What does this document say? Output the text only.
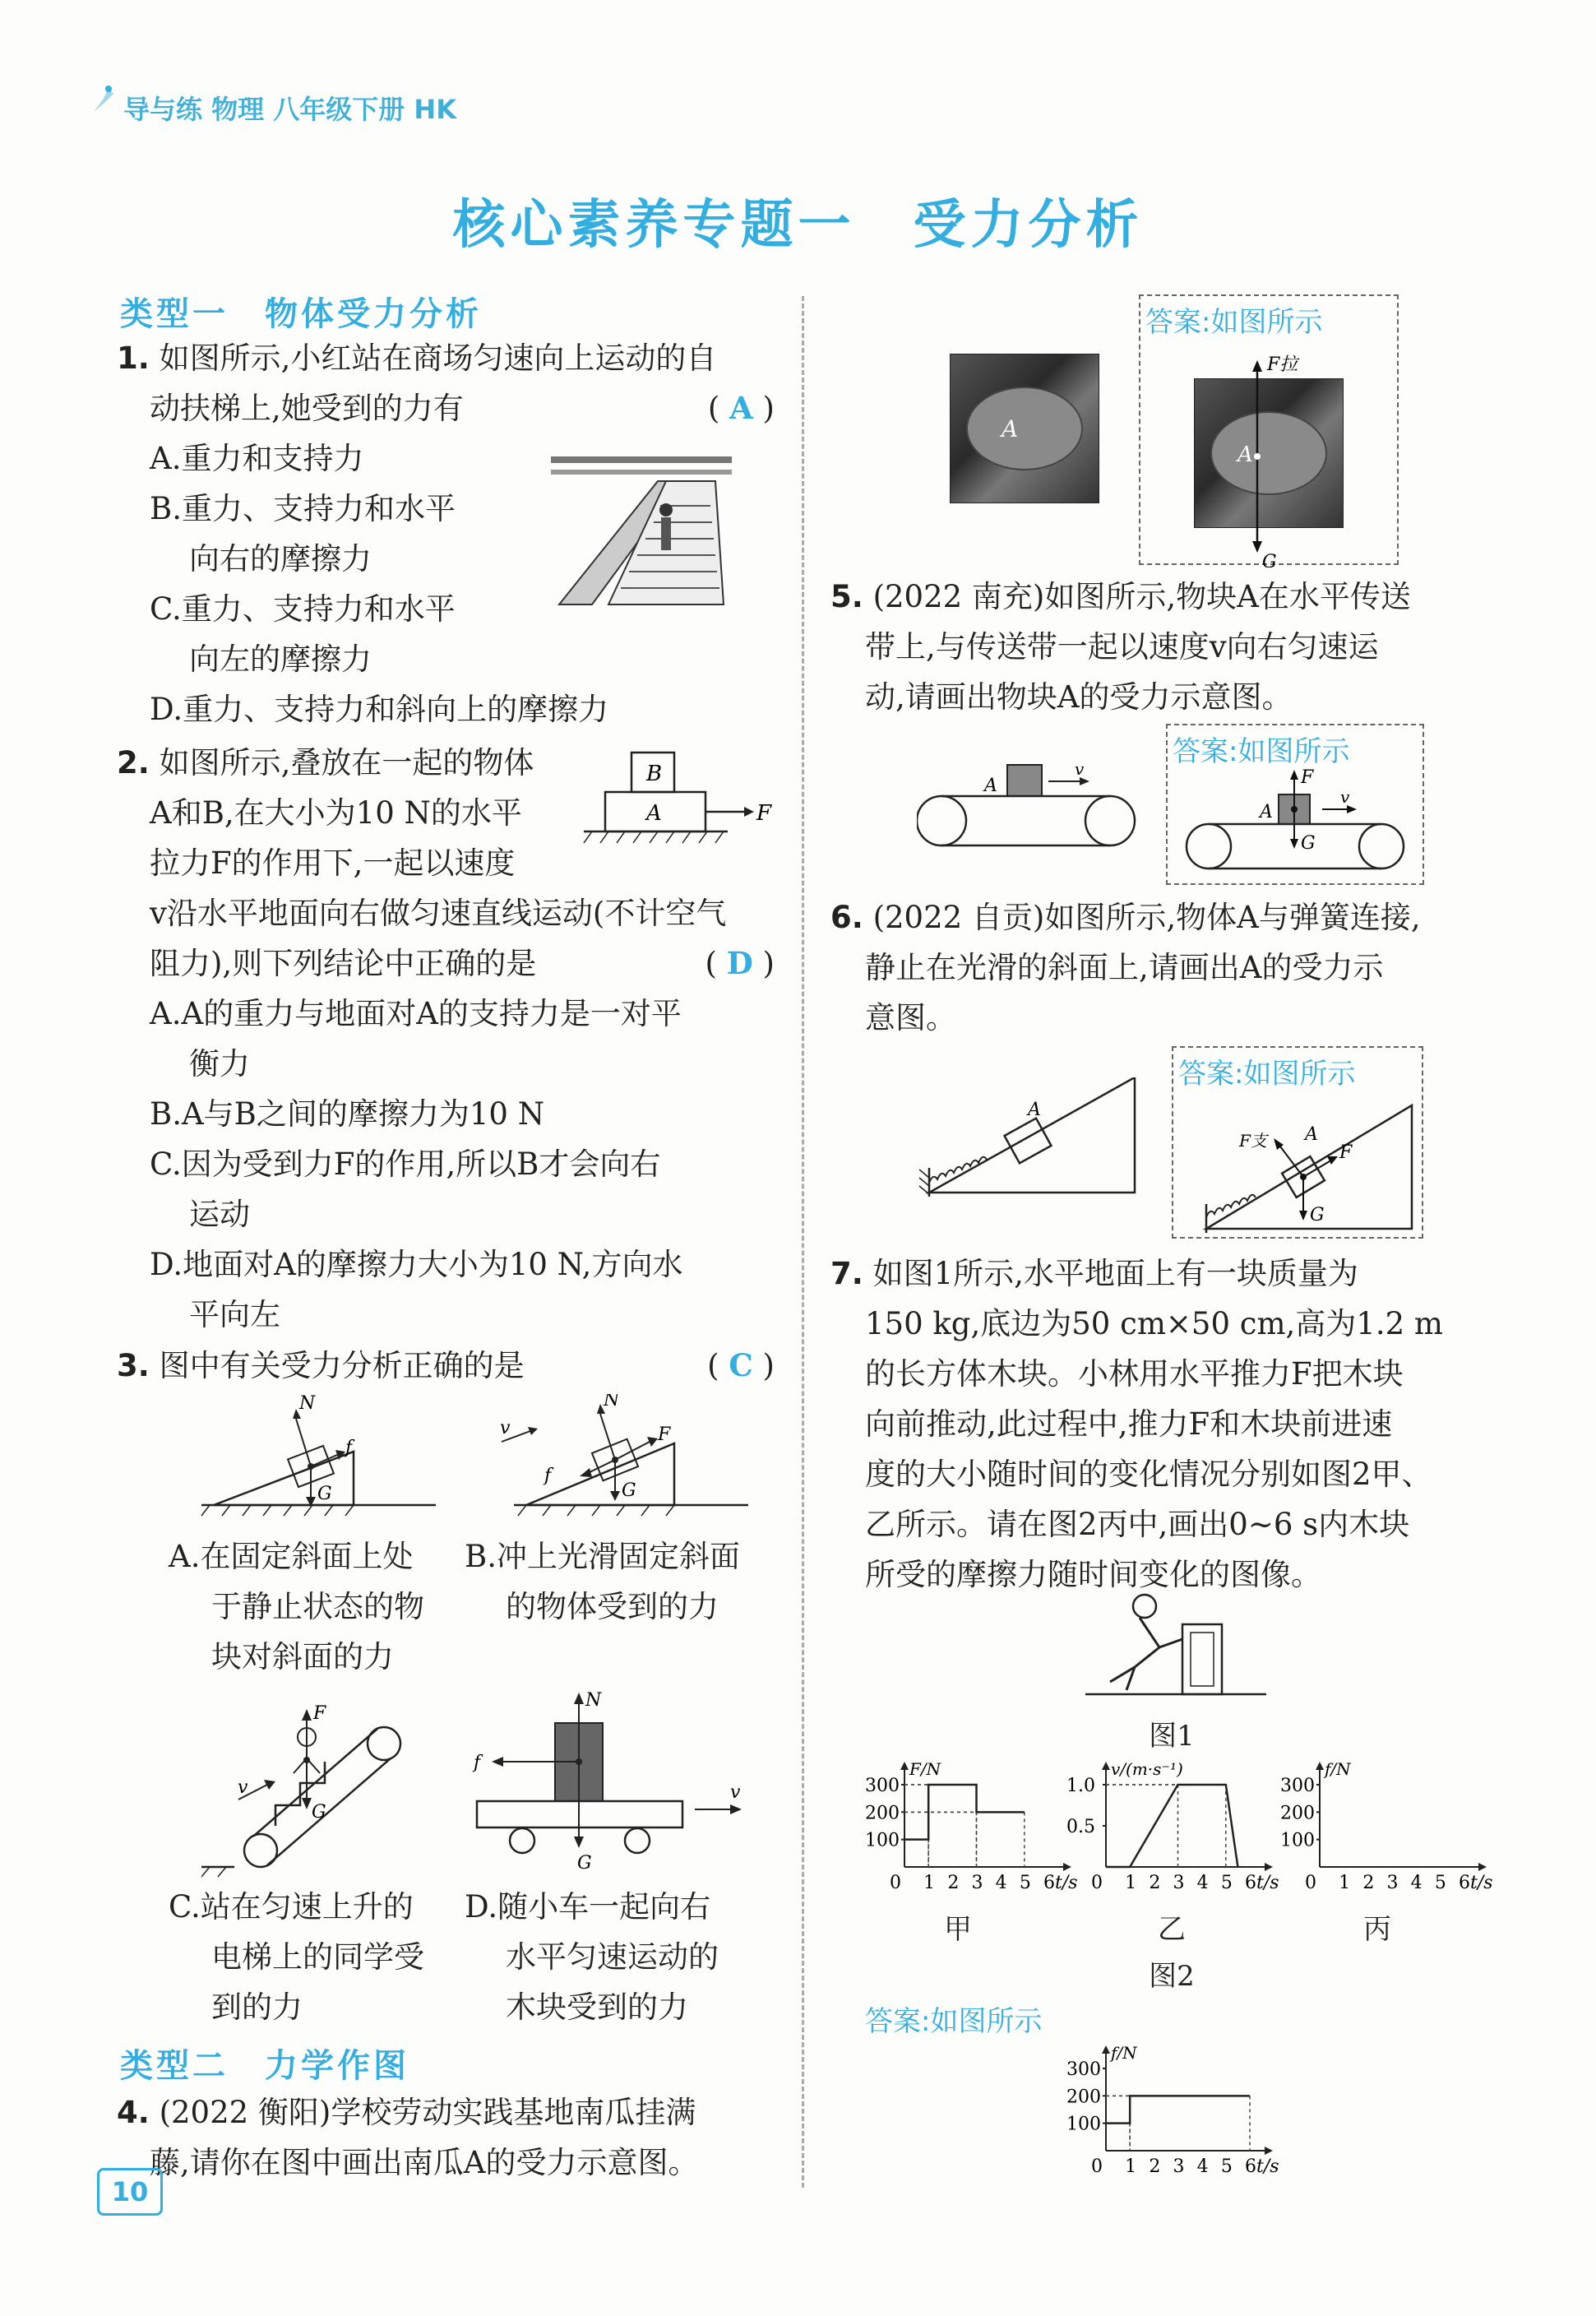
导与练 物理 八年级下册 HK
核心素养专题一　受力分析
类型一　物体受力分析

1. 如图所示,小红站在商场匀速向上运动的自

动扶梯上,她受到的力有	( A )

A.重力和支持力

B.重力、支持力和水平

向右的摩擦力

C.重力、支持力和水平

向左的摩擦力

D.重力、支持力和斜向上的摩擦力

2. 如图所示,叠放在一起的物体

A和B,在大小为10 N的水平

拉力F的作用下,一起以速度

v沿水平地面向右做匀速直线运动(不计空气

阻力),则下列结论中正确的是	( D )

A.A的重力与地面对A的支持力是一对平

衡力

B.A与B之间的摩擦力为10 N

C.因为受到力F的作用,所以B才会向右

运动

D.地面对A的摩擦力大小为10 N,方向水

平向左

B
A	F

3. 图中有关受力分析正确的是	( C )

N
G
f
N
G
F
f
v

A.在固定斜面上处

于静止状态的物

块对斜面的力

B.冲上光滑固定斜面

的物体受到的力

F
G
v
N
f
G
v

C.站在匀速上升的

电梯上的同学受

到的力

D.随小车一起向右

水平匀速运动的

木块受到的力

类型二　力学作图

4. (2022 衡阳)学校劳动实践基地南瓜挂满

藤,请你在图中画出南瓜A的受力示意图。

10
A
答案:如图所示
A
F拉
G

5. (2022 南充)如图所示,物块A在水平传送

带上,与传送带一起以速度v向右匀速运

动,请画出物块A的受力示意图。

A
v
答案:如图所示
A
F
G
v

6. (2022 自贡)如图所示,物体A与弹簧连接,

静止在光滑的斜面上,请画出A的受力示

意图。

A
答案:如图所示
F支
F
A
G

7. 如图1所示,水平地面上有一块质量为

150 kg,底边为50 cm×50 cm,高为1.2 m

的长方体木块。小林用水平推力F把木块

向前推动,此过程中,推力F和木块前进速

度的大小随时间的变化情况分别如图2甲、

乙所示。请在图2丙中,画出0~6 s内木块

所受的摩擦力随时间变化的图像。

图1
0 1 2 3 4 5 6 t/s
100
200
300
F/N
0 1 2 3 4 5 6 t/s
0.5
1.0
v/(m·s⁻¹)
0 1 2 3 4 5 6 t/s
100
200
300
f/N
甲	乙	丙
图2
答案:如图所示
0 1 2 3 4 5 6 t/s
100
200
300
f/N
